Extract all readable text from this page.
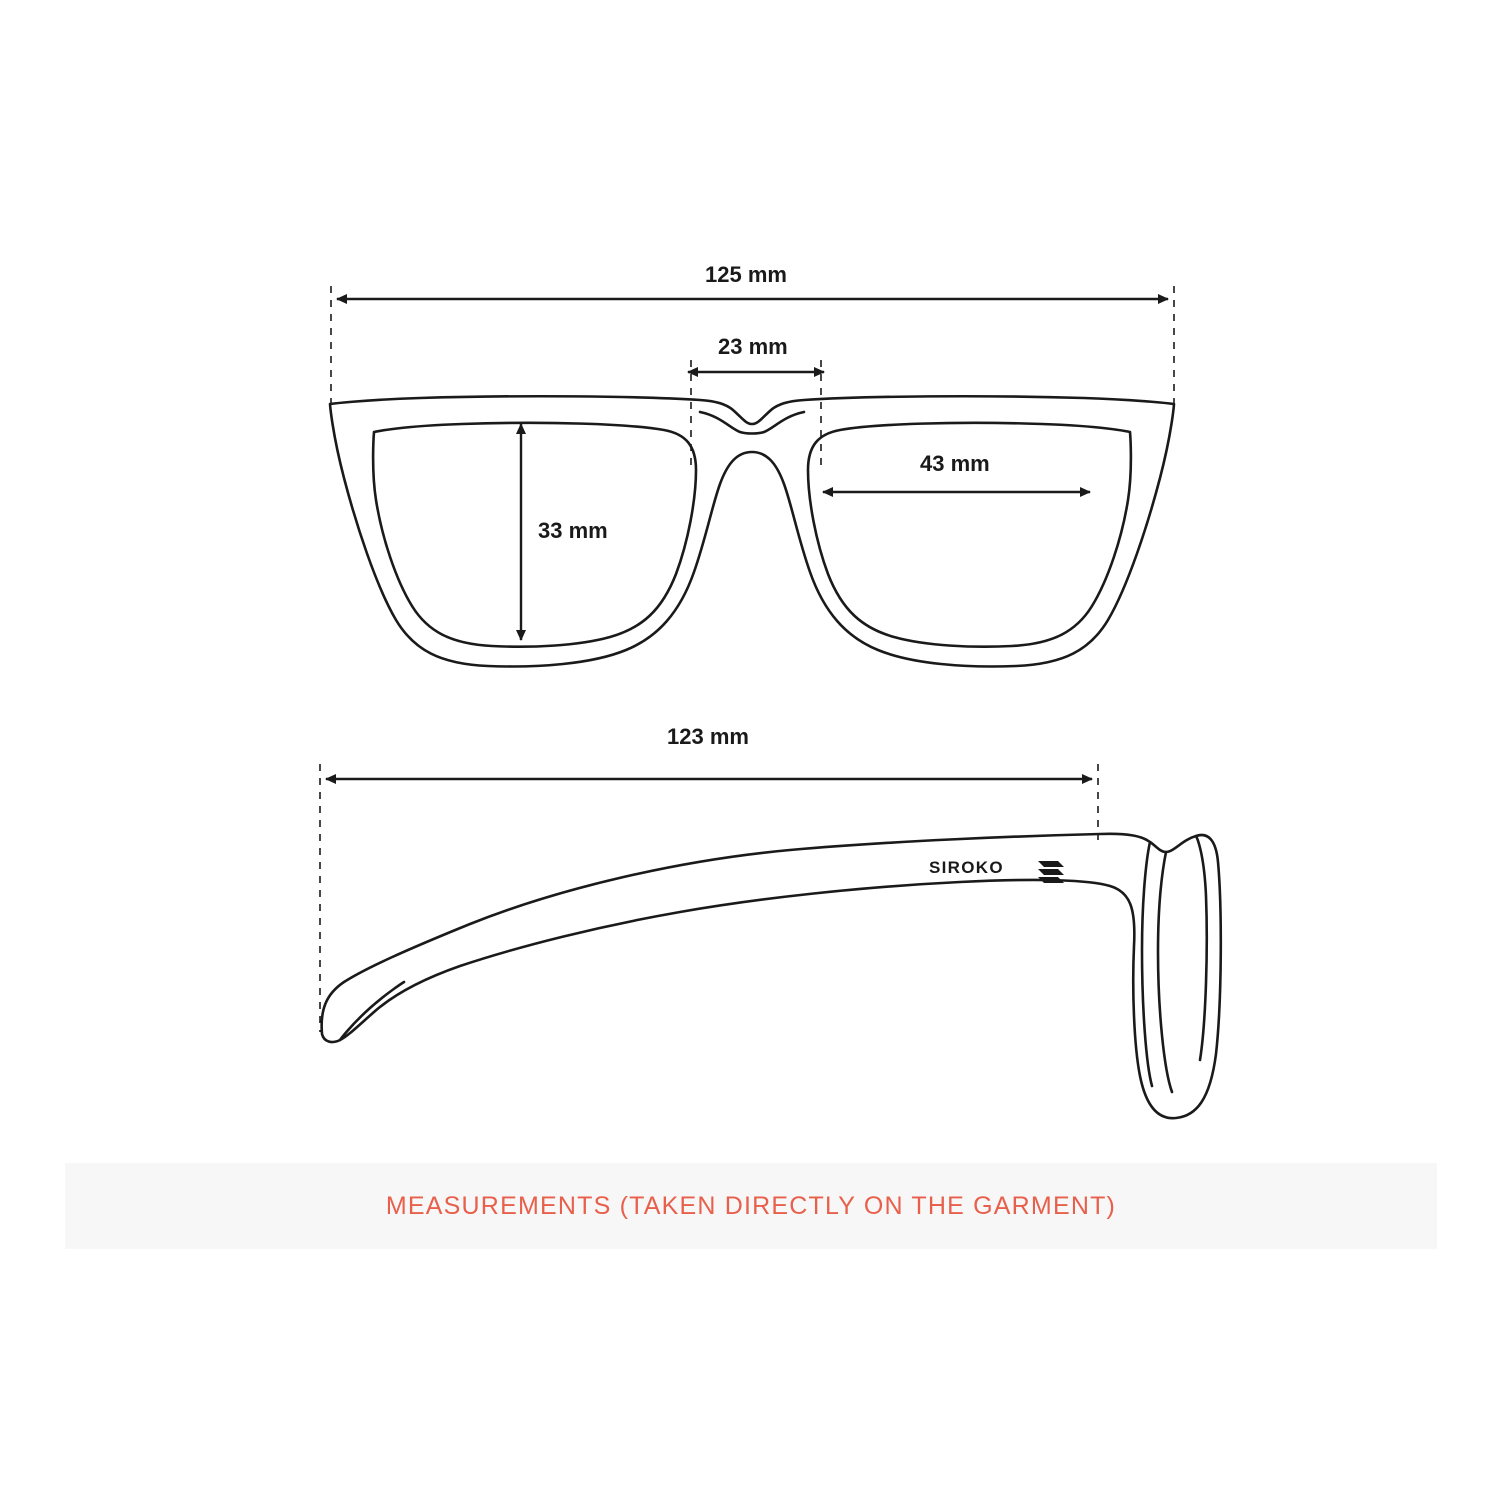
125 mm
23 mm
33 mm
43 mm
123 mm
SIROKO
MEASUREMENTS (TAKEN DIRECTLY ON THE GARMENT)
